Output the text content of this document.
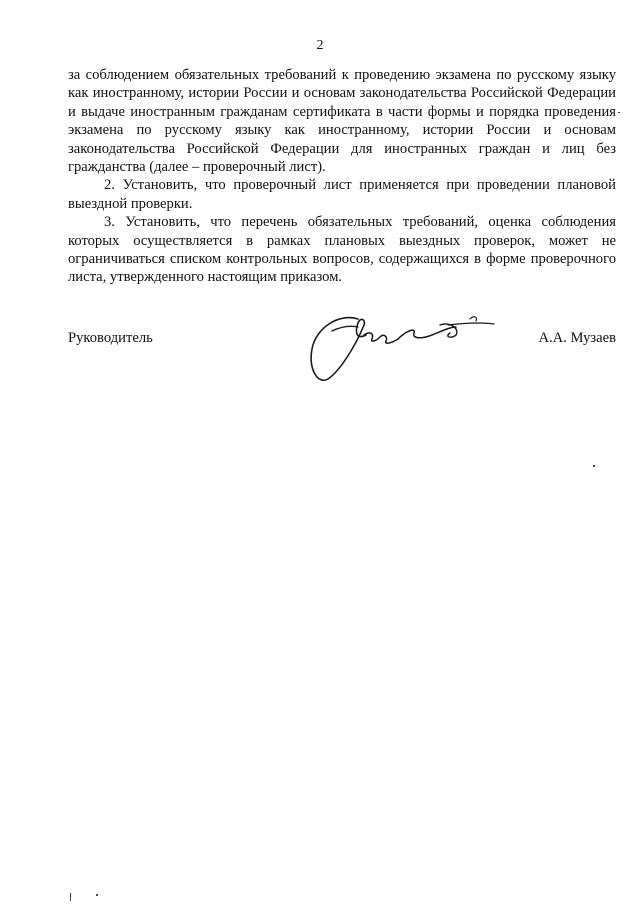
2

за соблюдением обязательных требований к проведению экзамена по русскому языку как иностранному, истории России и основам законодательства Российской Федерации и выдаче иностранным гражданам сертификата в части формы и порядка проведения экзамена по русскому языку как иностранному, истории России и основам законодательства Российской Федерации для иностранных граждан и лиц без гражданства (далее – проверочный лист).

2. Установить, что проверочный лист применяется при проведении плановой выездной проверки.

3. Установить, что перечень обязательных требований, оценка соблюдения которых осуществляется в рамках плановых выездных проверок, может не ограничиваться списком контрольных вопросов, содержащихся в форме проверочного листа, утвержденного настоящим приказом.

Руководитель	А.А. Музаев
